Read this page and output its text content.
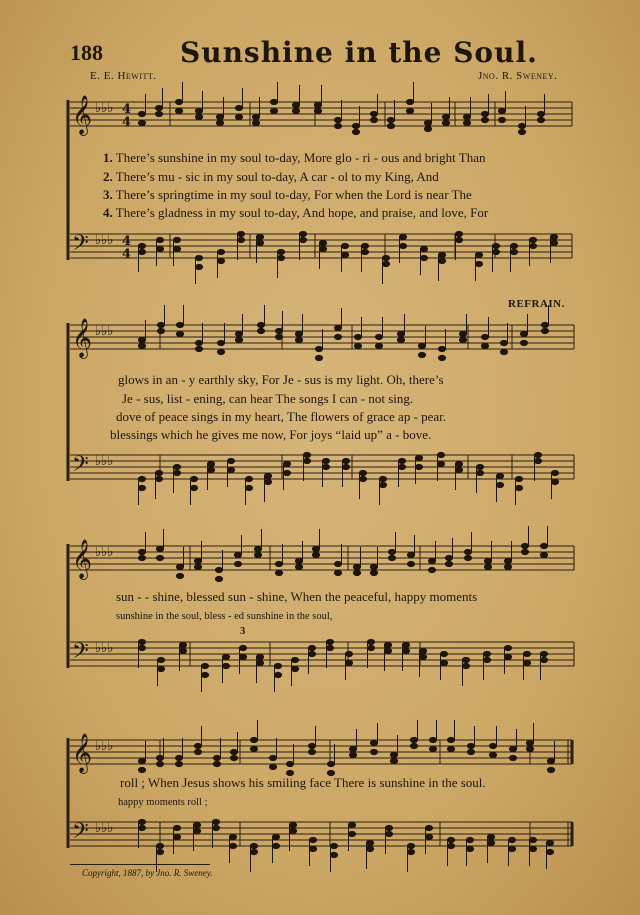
188	Sunshine in the Soul.
E. E. Hewitt.	Jno. R. Sweney.
REFRAIN.
𝄞
𝄢
𝄞
𝄢
𝄞
𝄢
𝄞
𝄢
♭♭♭
♭♭♭
♭♭♭
♭♭♭
♭♭♭
♭♭♭
♭♭♭
♭♭♭
4
4
4
4
1. There’s sunshine in my soul to-day, More glo - ri - ous and bright Than
2. There’s mu - sic in my soul to-day, A car - ol to my King, And
3. There’s springtime in my soul to-day, For when the Lord is near The
4. There’s gladness in my soul to-day, And hope, and praise, and love, For
glows in an - y earthly sky, For Je - sus is my light. Oh, there’s
Je - sus, list - ening, can hear The songs I can - not sing.
dove of peace sings in my heart, The flowers of grace ap - pear.
blessings which he gives me now, For joys “laid up” a - bove.
sun - - shine, blessed sun - shine, When the peaceful, happy moments
sunshine in the soul, bless - ed sunshine in the soul,
3
roll ; When Jesus shows his smiling face There is sunshine in the soul.
happy moments roll ;
Copyright, 1887, by Jno. R. Sweney.
